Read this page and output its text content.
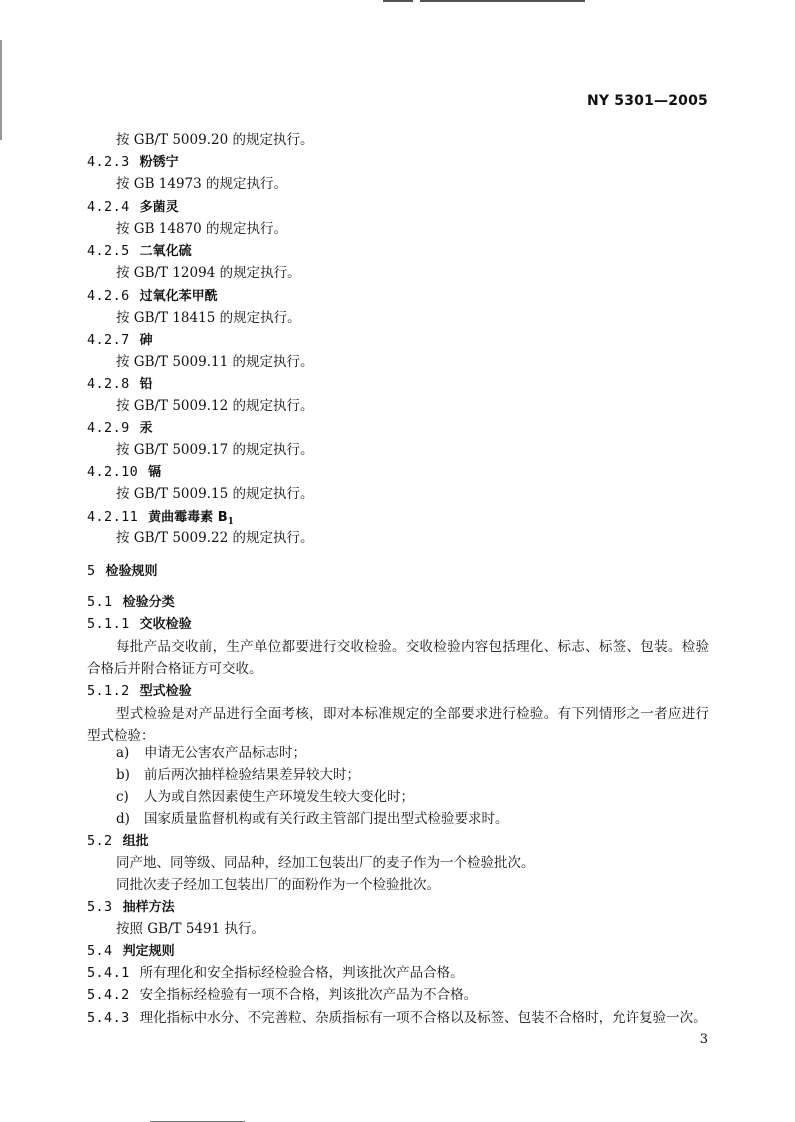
NY 5301—2005
按 GB/T 5009.20 的规定执行。
4.2.3 粉锈宁
按 GB 14973 的规定执行。
4.2.4 多菌灵
按 GB 14870 的规定执行。
4.2.5 二氧化硫
按 GB/T 12094 的规定执行。
4.2.6 过氧化苯甲酰
按 GB/T 18415 的规定执行。
4.2.7 砷
按 GB/T 5009.11 的规定执行。
4.2.8 铅
按 GB/T 5009.12 的规定执行。
4.2.9 汞
按 GB/T 5009.17 的规定执行。
4.2.10 镉
按 GB/T 5009.15 的规定执行。
4.2.11 黄曲霉毒素 $B_1$
按 GB/T 5009.22 的规定执行。
5 检验规则
5.1 检验分类
5.1.1 交收检验
每批产品交收前，生产单位都要进行交收检验。交收检验内容包括理化、标志、标签、包装。检验合格后并附合格证方可交收。
5.1.2 型式检验
型式检验是对产品进行全面考核，即对本标准规定的全部要求进行检验。有下列情形之一者应进行型式检验：
a) 申请无公害农产品标志时；
b) 前后两次抽样检验结果差异较大时；
c) 人为或自然因素使生产环境发生较大变化时；
d) 国家质量监督机构或有关行政主管部门提出型式检验要求时。
5.2 组批
同产地、同等级、同品种，经加工包装出厂的麦子作为一个检验批次。
同批次麦子经加工包装出厂的面粉作为一个检验批次。
5.3 抽样方法
按照 GB/T 5491 执行。
5.4 判定规则
5.4.1 所有理化和安全指标经检验合格，判该批次产品合格。
5.4.2 安全指标经检验有一项不合格，判该批次产品为不合格。
5.4.3 理化指标中水分、不完善粒、杂质指标有一项不合格以及标签、包装不合格时，允许复验一次。
3
